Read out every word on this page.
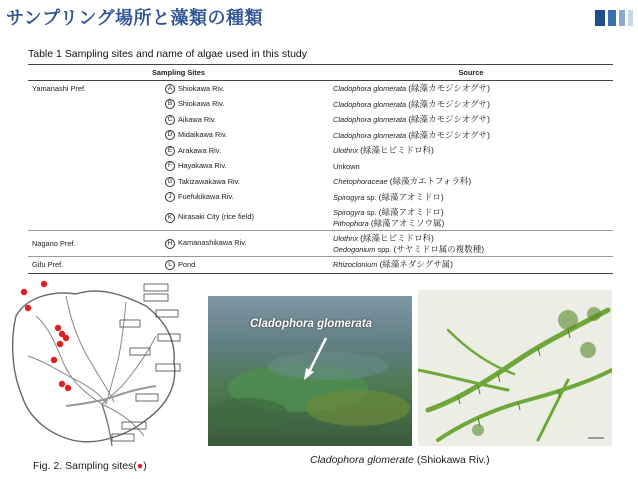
サンプリング場所と藻類の種類
Table 1 Sampling sites and name of algae used in this study
Sampling Sites		Source
Yamanashi Pref.	A Shiokawa Riv.	Cladophora glomerata (緑藻カモジシオグサ)
	B Shiokawa Riv.	Cladophora glomerata (緑藻カモジシオグサ)
	C Aikawa Riv.	Cladophora glomerata (緑藻カモジシオグサ)
	D Midaikawa Riv.	Cladophora glomerata (緑藻カモジシオグサ)
	E Arakawa Riv.	Ulothrix (緑藻ヒビミドロ科)
	F Hayakawa Riv.	Unkown
	G Takizawakawa Riv.	Chetophoraceae (緑藻カエトフォラ科)
	J Fuefukikawa Riv.	Spirogyra sp. (緑藻アオミドロ)
	K Nirasaki City (rice field)	Spirogyra sp. (緑藻アオミドロ)
Pithophora (緑藻アオミソウ属)

Nagano Pref.	H Kamanashikawa Riv.	Ulothrix (緑藻ヒビミドロ科)
Oedogonium spp. (サヤミドロ属の複数種)

Gifu Pref.	L Pond	Rhizoclonium (緑藻ネダシグサ属)
Cladophora glomerata
Fig. 2. Sampling sites(●)	Cladophora glomerate (Shiokawa Riv.)
